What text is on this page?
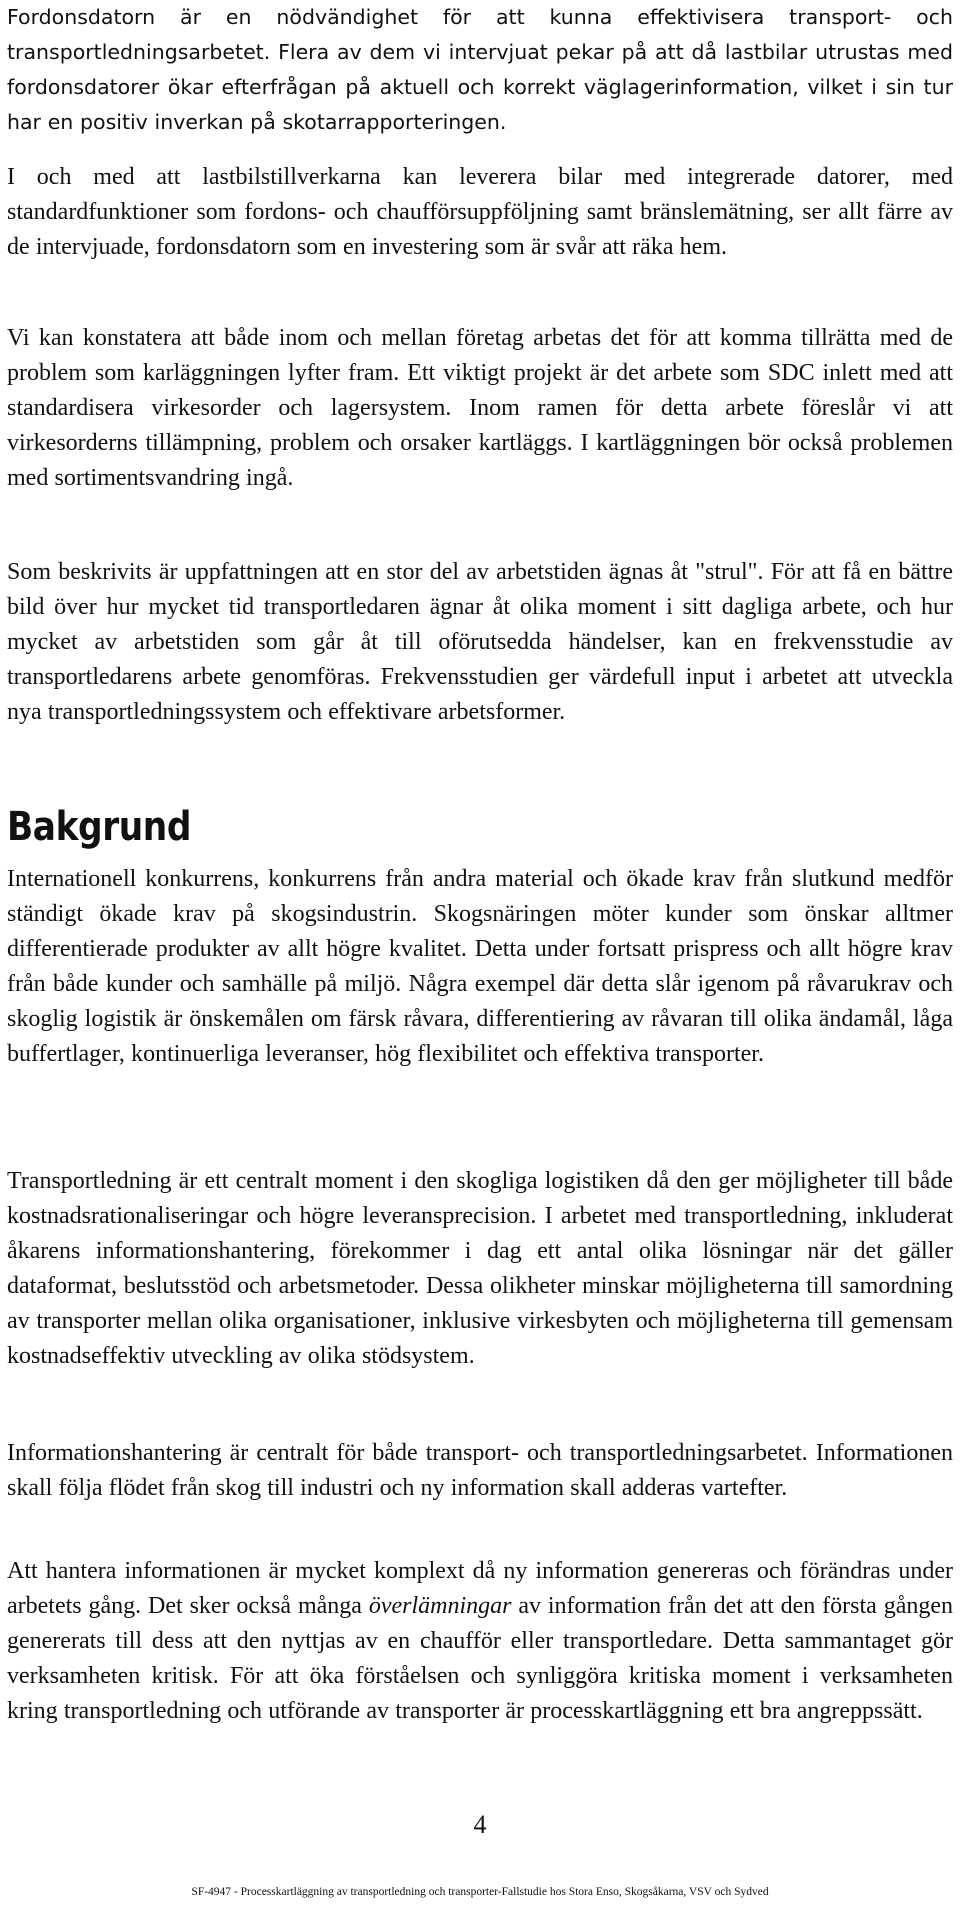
Fordonsdatorn är en nödvändighet för att kunna effektivisera transport- och transportledningsarbetet. Flera av dem vi intervjuat pekar på att då lastbilar utrustas med fordonsdatorer ökar efterfrågan på aktuell och korrekt väglagerinformation, vilket i sin tur har en positiv inverkan på skotarrapporteringen.

I och med att lastbilstillverkarna kan leverera bilar med integrerade datorer, med standardfunktioner som fordons- och chaufförsuppföljning samt bränslemätning, ser allt färre av de intervjuade, fordonsdatorn som en investering som är svår att räka hem.

Vi kan konstatera att både inom och mellan företag arbetas det för att komma tillrätta med de problem som karläggningen lyfter fram. Ett viktigt projekt är det arbete som SDC inlett med att standardisera virkesorder och lagersystem. Inom ramen för detta arbete föreslår vi att virkesorderns tillämpning, problem och orsaker kartläggs. I kartläggningen bör också problemen med sortimentsvandring ingå.

Som beskrivits är uppfattningen att en stor del av arbetstiden ägnas åt "strul". För att få en bättre bild över hur mycket tid transportledaren ägnar åt olika moment i sitt dagliga arbete, och hur mycket av arbetstiden som går åt till oförutsedda händelser, kan en frekvensstudie av transportledarens arbete genomföras. Frekvensstudien ger värdefull input i arbetet att utveckla nya transportledningssystem och effektivare arbetsformer.

Bakgrund

Internationell konkurrens, konkurrens från andra material och ökade krav från slutkund medför ständigt ökade krav på skogsindustrin. Skogsnäringen möter kunder som önskar alltmer differentierade produkter av allt högre kvalitet. Detta under fortsatt prispress och allt högre krav från både kunder och samhälle på miljö. Några exempel där detta slår igenom på råvarukrav och skoglig logistik är önskemålen om färsk råvara, differentiering av råvaran till olika ändamål, låga buffertlager, kontinuerliga leveranser, hög flexibilitet och effektiva transporter.

Transportledning är ett centralt moment i den skogliga logistiken då den ger möjligheter till både kostnadsrationaliseringar och högre leveransprecision. I arbetet med transportledning, inkluderat åkarens informationshantering, förekommer i dag ett antal olika lösningar när det gäller dataformat, beslutsstöd och arbetsmetoder. Dessa olikheter minskar möjligheterna till samordning av transporter mellan olika organisationer, inklusive virkesbyten och möjligheterna till gemensam kostnadseffektiv utveckling av olika stödsystem.

Informationshantering är centralt för både transport- och transportledningsarbetet. Informationen skall följa flödet från skog till industri och ny information skall adderas vartefter.

Att hantera informationen är mycket komplext då ny information genereras och förändras under arbetets gång. Det sker också många överlämningar av information från det att den första gången genererats till dess att den nyttjas av en chaufför eller transportledare. Detta sammantaget gör verksamheten kritisk. För att öka förståelsen och synliggöra kritiska moment i verksamheten kring transportledning och utförande av transporter är processkartläggning ett bra angreppssätt.

4
SF-4947 - Processkartläggning av transportledning och transporter-Fallstudie hos Stora Enso, Skogsåkarna, VSV och Sydved
